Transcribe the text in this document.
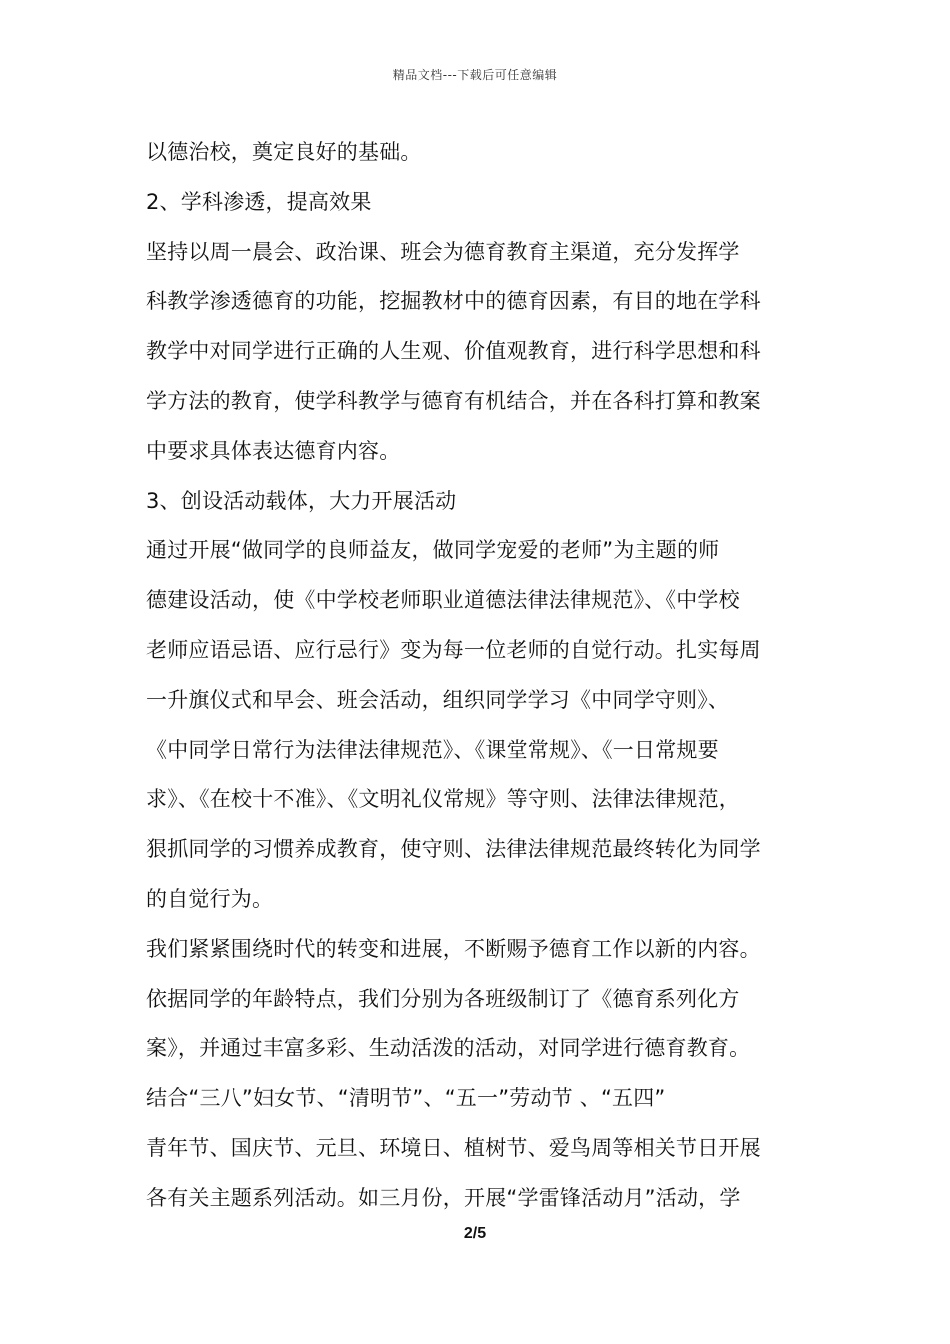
精品文档---下载后可任意编辑
以德治校，奠定良好的基础。
2、学科渗透，提高效果
坚持以周一晨会、政治课、班会为德育教育主渠道，充分发挥学
科教学渗透德育的功能，挖掘教材中的德育因素，有目的地在学科
教学中对同学进行正确的人生观、价值观教育，进行科学思想和科
学方法的教育，使学科教学与德育有机结合，并在各科打算和教案
中要求具体表达德育内容。
3、创设活动载体，大力开展活动
通过开展“做同学的良师益友，做同学宠爱的老师”为主题的师
德建设活动，使《中学校老师职业道德法律法律规范》、《中学校
老师应语忌语、应行忌行》变为每一位老师的自觉行动。扎实每周
一升旗仪式和早会、班会活动，组织同学学习《中同学守则》、
《中同学日常行为法律法律规范》、《课堂常规》、《一日常规要
求》、《在校十不准》、《文明礼仪常规》等守则、法律法律规范，
狠抓同学的习惯养成教育，使守则、法律法律规范最终转化为同学
的自觉行为。
我们紧紧围绕时代的转变和进展，不断赐予德育工作以新的内容。
依据同学的年龄特点，我们分别为各班级制订了《德育系列化方
案》，并通过丰富多彩、生动活泼的活动，对同学进行德育教育。
结合“三八”妇女节、“清明节”、“五一”劳动节 、“五四”
青年节、国庆节、元旦、环境日、植树节、爱鸟周等相关节日开展
各有关主题系列活动。如三月份，开展“学雷锋活动月”活动，学
2/5
